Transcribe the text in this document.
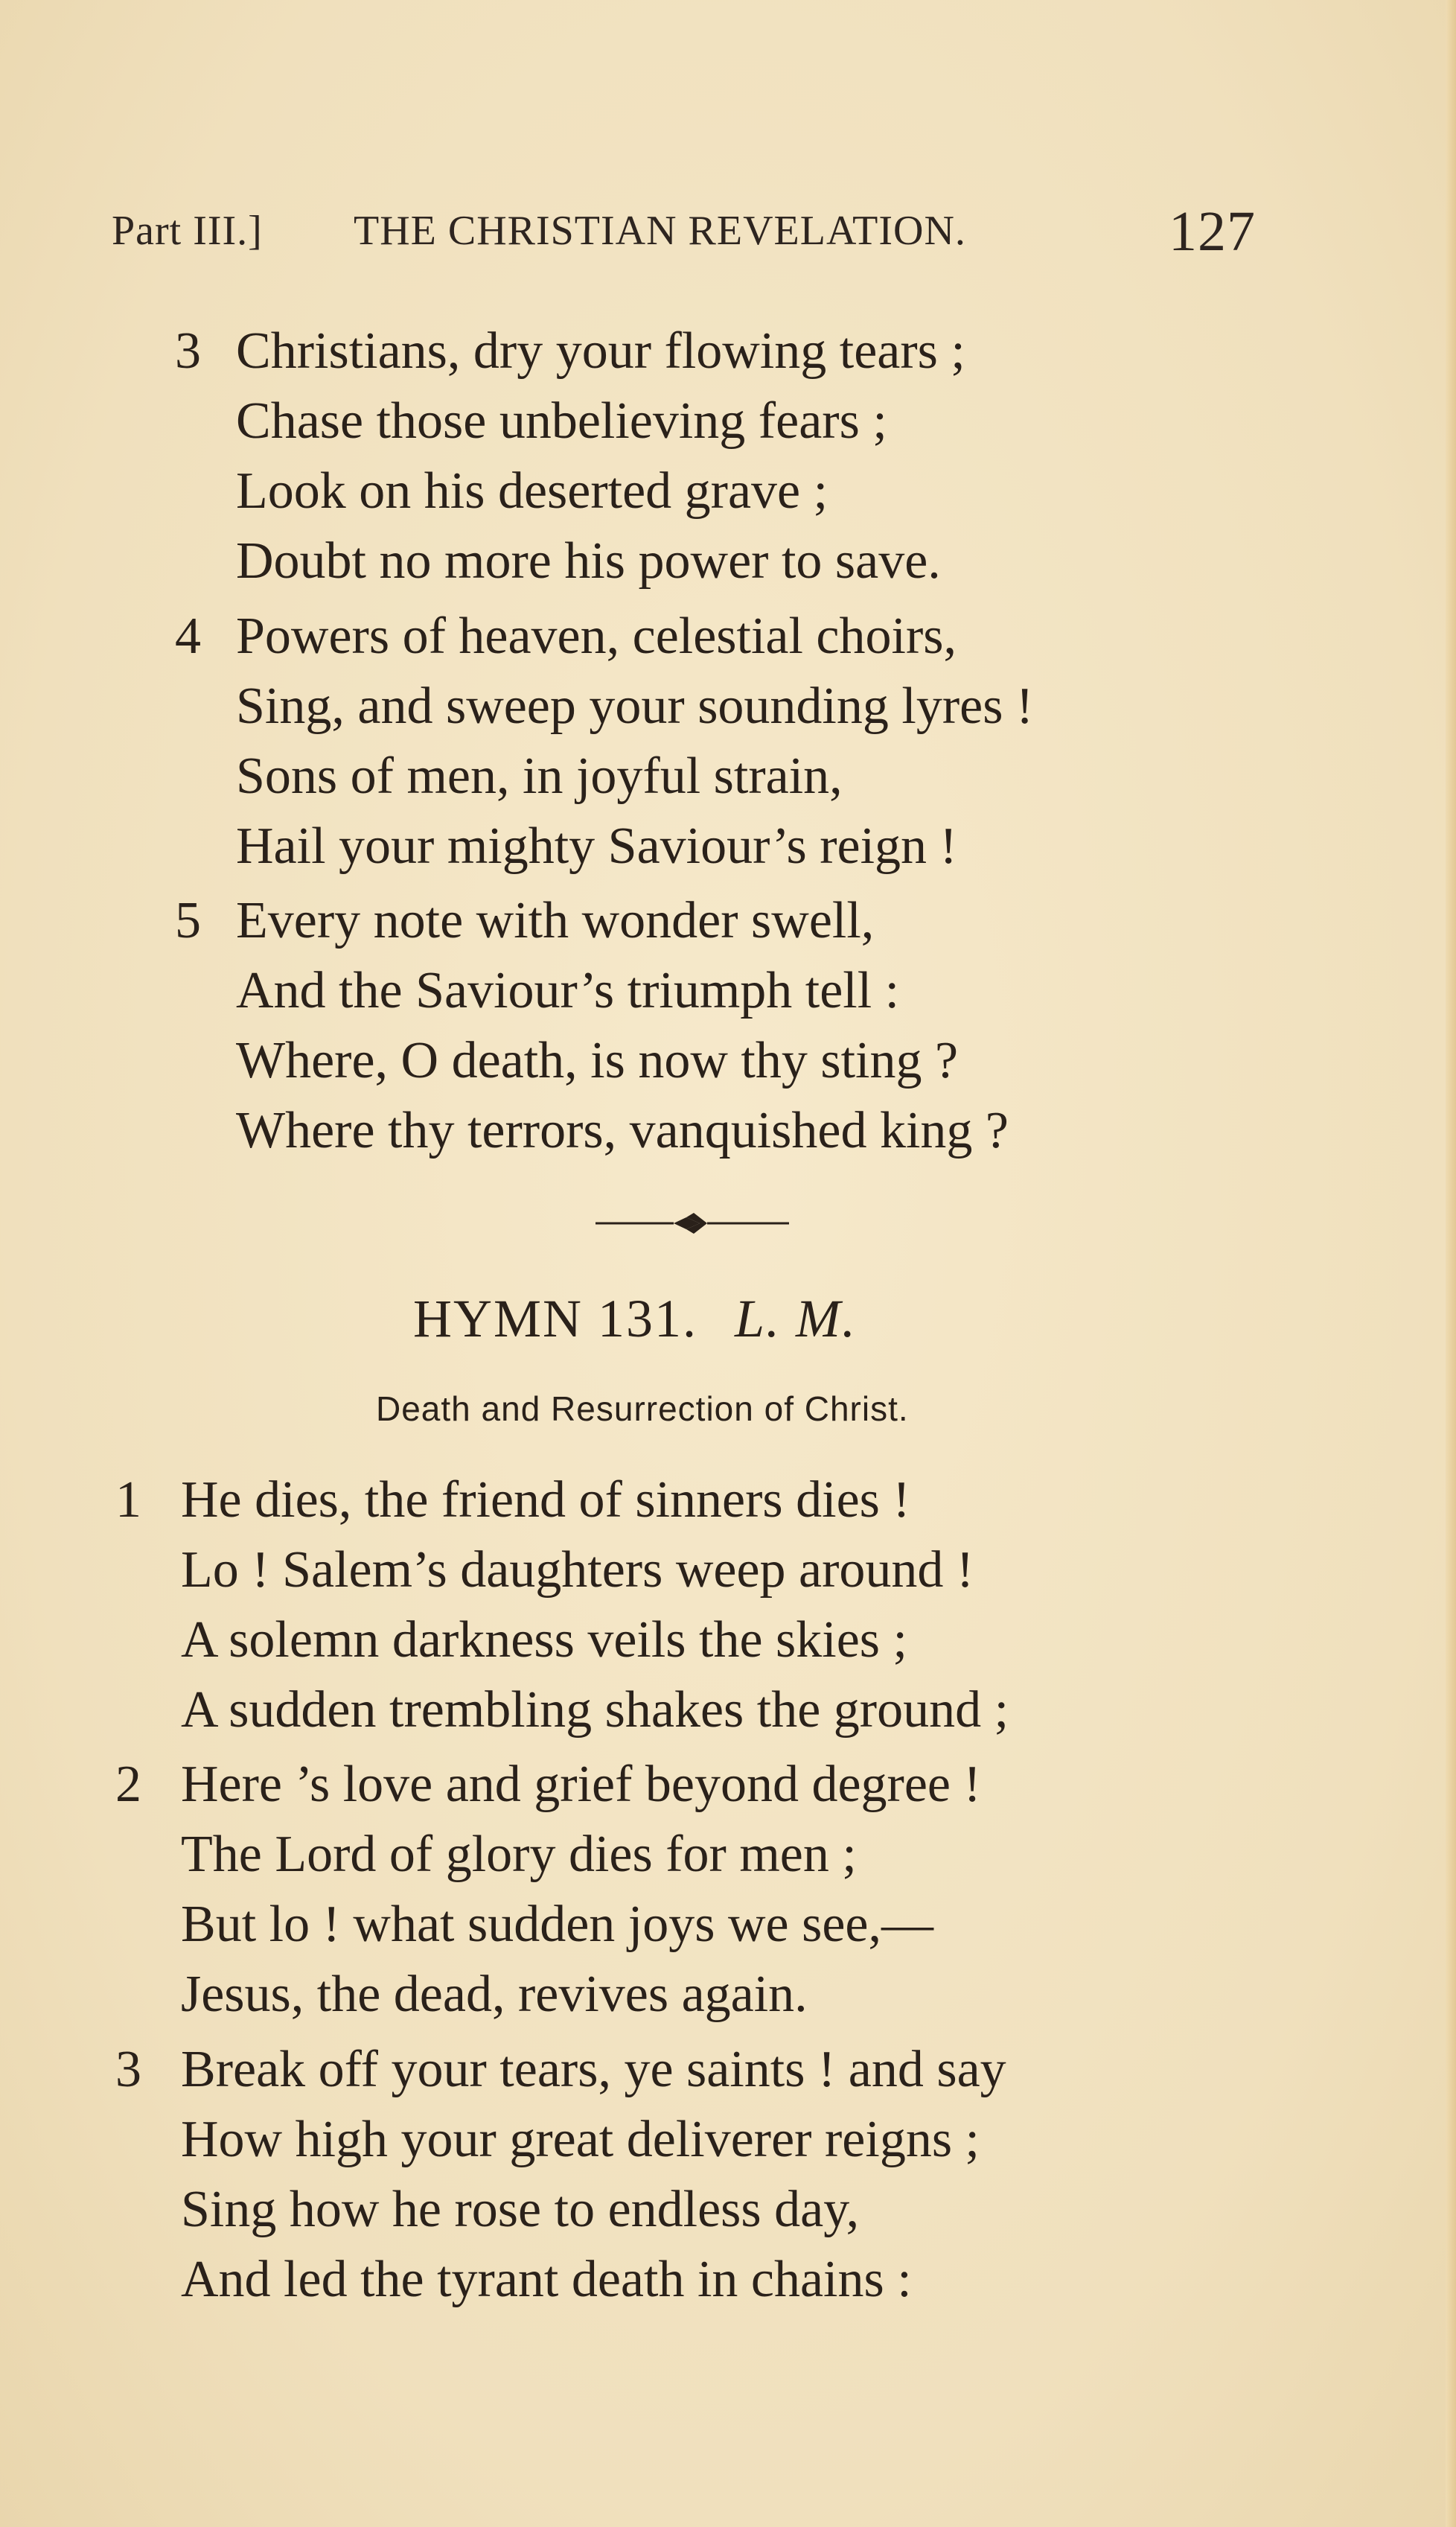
Part III.] THE CHRISTIAN REVELATION.	127
3 Christians, dry your flowing tears ;
Chase those unbelieving fears ;
Look on his deserted grave ;
Doubt no more his power to save.
4 Powers of heaven, celestial choirs,
Sing, and sweep your sounding lyres !
Sons of men, in joyful strain,
Hail your mighty Saviour’s reign !
5 Every note with wonder swell,
And the Saviour’s triumph tell :
Where, O death, is now thy sting ?
Where thy terrors, vanquished king ?
HYMN 131. L. M.
Death and Resurrection of Christ.
1 He dies, the friend of sinners dies !
Lo ! Salem’s daughters weep around !
A solemn darkness veils the skies ;
A sudden trembling shakes the ground ;
2 Here ’s love and grief beyond degree !
The Lord of glory dies for men ;
But lo ! what sudden joys we see,—
Jesus, the dead, revives again.
3 Break off your tears, ye saints ! and say
How high your great deliverer reigns ;
Sing how he rose to endless day,
And led the tyrant death in chains :
